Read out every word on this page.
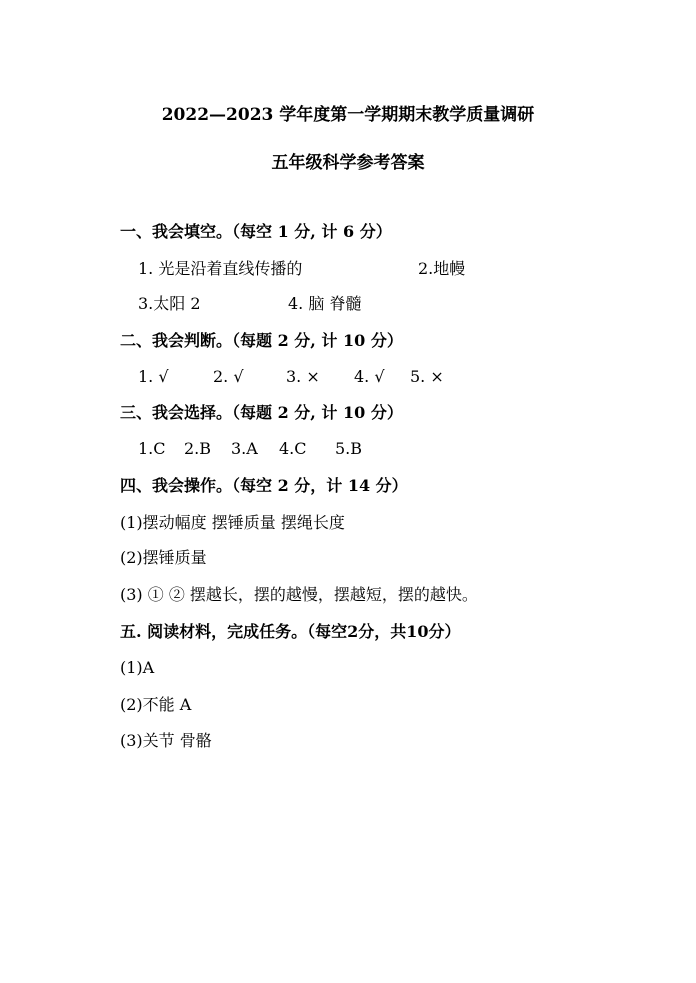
2022—2023 学年度第一学期期末教学质量调研
五年级科学参考答案
一、我会填空。（每空 1 分, 计 6 分）
1. 光是沿着直线传播的	2.地幔
3.太阳 2	4. 脑 脊髓
二、我会判断。（每题 2 分, 计 10 分）
1. √	2. √	3. × 4. √ 5. ×
三、我会选择。（每题 2 分, 计 10 分）
1.C 2.B 3.A 4.C 5.B
四、我会操作。（每空 2 分，计 14 分）
(1)摆动幅度 摆锤质量 摆绳长度
(2)摆锤质量
(3) ① ② 摆越长，摆的越慢，摆越短，摆的越快。
五. 阅读材料，完成任务。（每空2分，共10分）
(1)A
(2)不能 A
(3)关节 骨骼
